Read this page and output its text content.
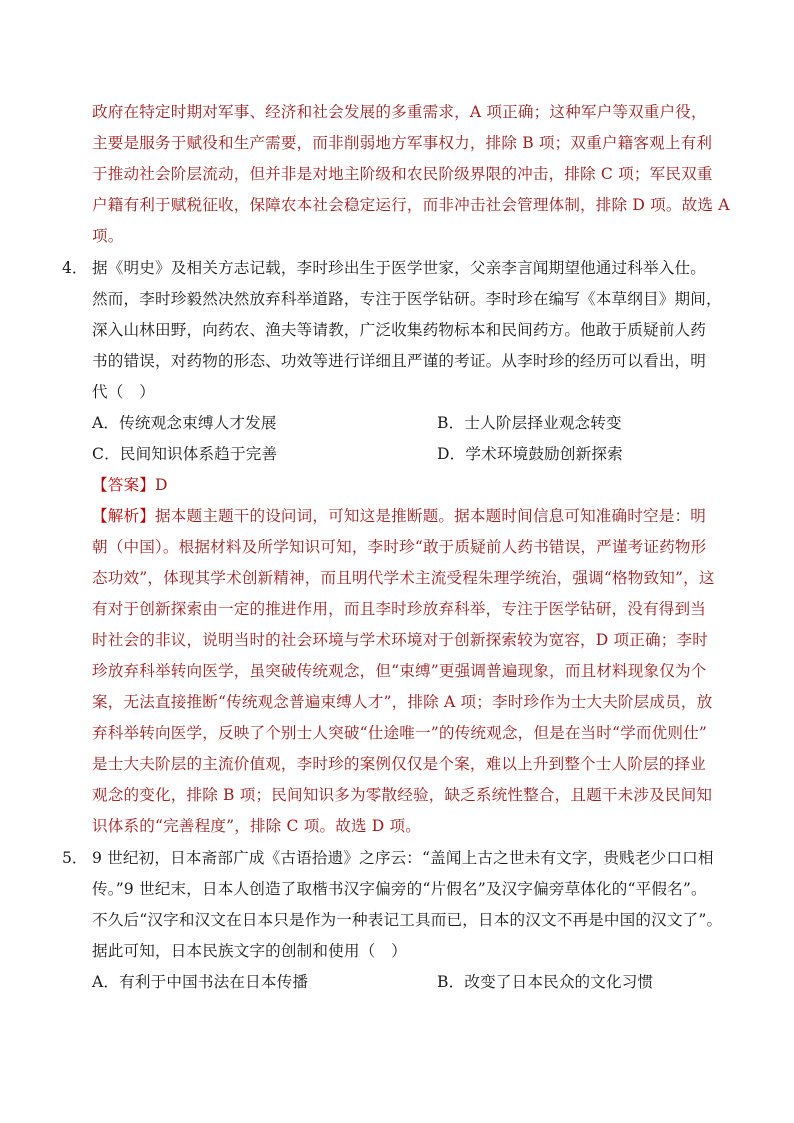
政府在特定时期对军事、经济和社会发展的多重需求，A 项正确；这种军户等双重户役，
主要是服务于赋役和生产需要，而非削弱地方军事权力，排除 B 项；双重户籍客观上有利
于推动社会阶层流动，但并非是对地主阶级和农民阶级界限的冲击，排除 C 项；军民双重
户籍有利于赋税征收，保障农本社会稳定运行，而非冲击社会管理体制，排除 D 项。故选 A
项。
4． 据《明史》及相关方志记载，李时珍出生于医学世家，父亲李言闻期望他通过科举入仕。
然而，李时珍毅然决然放弃科举道路，专注于医学钻研。李时珍在编写《本草纲目》期间，
深入山林田野，向药农、渔夫等请教，广泛收集药物标本和民间药方。他敢于质疑前人药
书的错误，对药物的形态、功效等进行详细且严谨的考证。从李时珍的经历可以看出，明
代（　）
A．传统观念束缚人才发展	B．士人阶层择业观念转变
C．民间知识体系趋于完善	D．学术环境鼓励创新探索
【答案】D
【解析】据本题主题干的设问词，可知这是推断题。据本题时间信息可知准确时空是：明
朝（中国）。根据材料及所学知识可知，李时珍“敢于质疑前人药书错误，严谨考证药物形
态功效”，体现其学术创新精神，而且明代学术主流受程朱理学统治，强调“格物致知”，这
有对于创新探索由一定的推进作用，而且李时珍放弃科举，专注于医学钻研，没有得到当
时社会的非议，说明当时的社会环境与学术环境对于创新探索较为宽容，D 项正确；李时
珍放弃科举转向医学，虽突破传统观念，但“束缚”更强调普遍现象，而且材料现象仅为个
案，无法直接推断“传统观念普遍束缚人才”，排除 A 项；李时珍作为士大夫阶层成员，放
弃科举转向医学，反映了个别士人突破“仕途唯一”的传统观念，但是在当时“学而优则仕”
是士大夫阶层的主流价值观，李时珍的案例仅仅是个案，难以上升到整个士人阶层的择业
观念的变化，排除 B 项；民间知识多为零散经验，缺乏系统性整合，且题干未涉及民间知
识体系的“完善程度”，排除 C 项。故选 D 项。
5． 9 世纪初，日本斋部广成《古语拾遗》之序云：“盖闻上古之世未有文字，贵贱老少口口相
传。”9 世纪末，日本人创造了取楷书汉字偏旁的“片假名”及汉字偏旁草体化的“平假名”。
不久后“汉字和汉文在日本只是作为一种表记工具而已，日本的汉文不再是中国的汉文了”。
据此可知，日本民族文字的创制和使用（　）
A．有利于中国书法在日本传播	B．改变了日本民众的文化习惯
